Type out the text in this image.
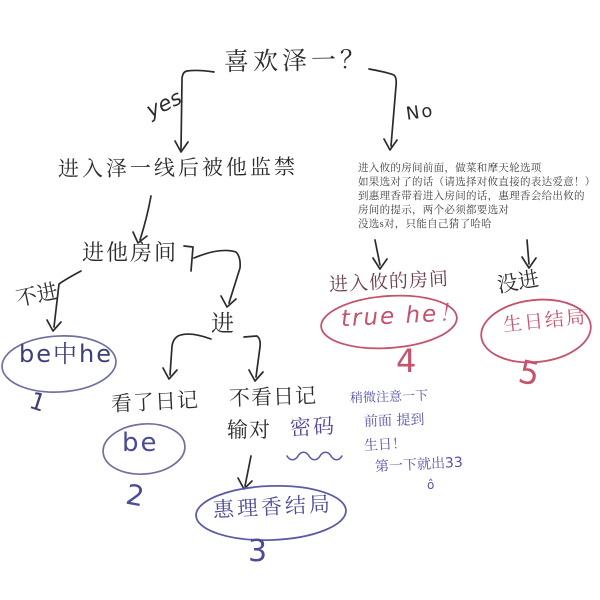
喜欢泽一？
yes	No
进入泽一线后被他监禁
进他房间
不进
be中he
1
进
看了日记
be
2
不看日记
输对 密码
惠理香结局
3

进入攸的房间前面，做菜和摩天轮选项

如果选对了的话（请选择对攸直接的表达爱意！）

到惠理香带着进入房间的话，惠理香会给出攸的

房间的提示，两个必须都要选对

没选s对，只能自己猜了哈哈

进入攸的房间
true he！
4
没进
生日结局
5
稍微注意一下
前面 提到
生日！
第一下就出33
ô
